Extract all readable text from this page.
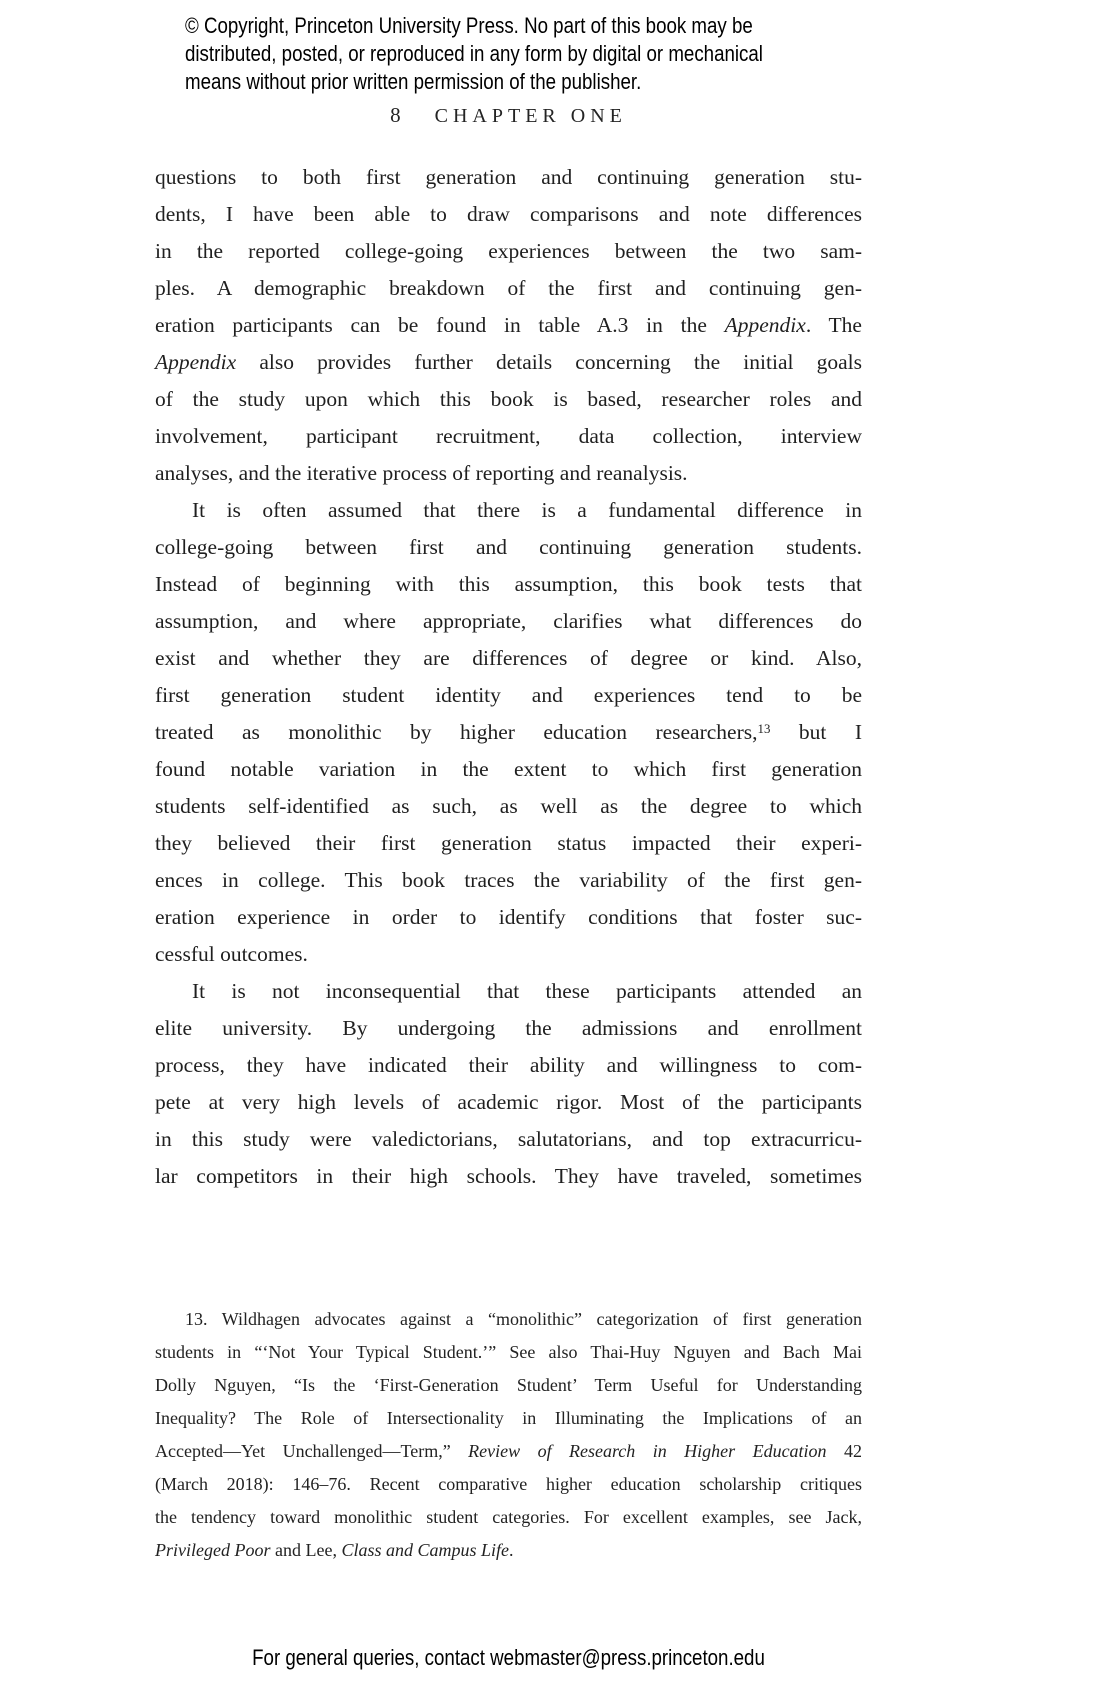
© Copyright, Princeton University Press. No part of this book may be
distributed, posted, or reproduced in any form by digital or mechanical
means without prior written permission of the publisher.
8 CHAPTER ONE
questions to both first generation and continuing generation stu-
dents, I have been able to draw comparisons and note differences
in the reported college-going experiences between the two sam-
ples. A demographic breakdown of the first and continuing gen-
eration participants can be found in table A.3 in the Appendix. The
Appendix also provides further details concerning the initial goals
of the study upon which this book is based, researcher roles and
involvement, participant recruitment, data collection, interview
analyses, and the iterative process of reporting and reanalysis.
It is often assumed that there is a fundamental difference in
college-going between first and continuing generation students.
Instead of beginning with this assumption, this book tests that
assumption, and where appropriate, clarifies what differences do
exist and whether they are differences of degree or kind. Also,
first generation student identity and experiences tend to be
treated as monolithic by higher education researchers,$^{13}$ but I
found notable variation in the extent to which first generation
students self-identified as such, as well as the degree to which
they believed their first generation status impacted their experi-
ences in college. This book traces the variability of the first gen-
eration experience in order to identify conditions that foster suc-
cessful outcomes.
It is not inconsequential that these participants attended an
elite university. By undergoing the admissions and enrollment
process, they have indicated their ability and willingness to com-
pete at very high levels of academic rigor. Most of the participants
in this study were valedictorians, salutatorians, and top extracurricu-
lar competitors in their high schools. They have traveled, sometimes
13. Wildhagen advocates against a “monolithic” categorization of first generation
students in “‘Not Your Typical Student.’” See also Thai-Huy Nguyen and Bach Mai
Dolly Nguyen, “Is the ‘First-Generation Student’ Term Useful for Understanding
Inequality? The Role of Intersectionality in Illuminating the Implications of an
Accepted—Yet Unchallenged—Term,” Review of Research in Higher Education 42
(March 2018): 146–76. Recent comparative higher education scholarship critiques
the tendency toward monolithic student categories. For excellent examples, see Jack,
Privileged Poor and Lee, Class and Campus Life.
For general queries, contact webmaster@press.princeton.edu
